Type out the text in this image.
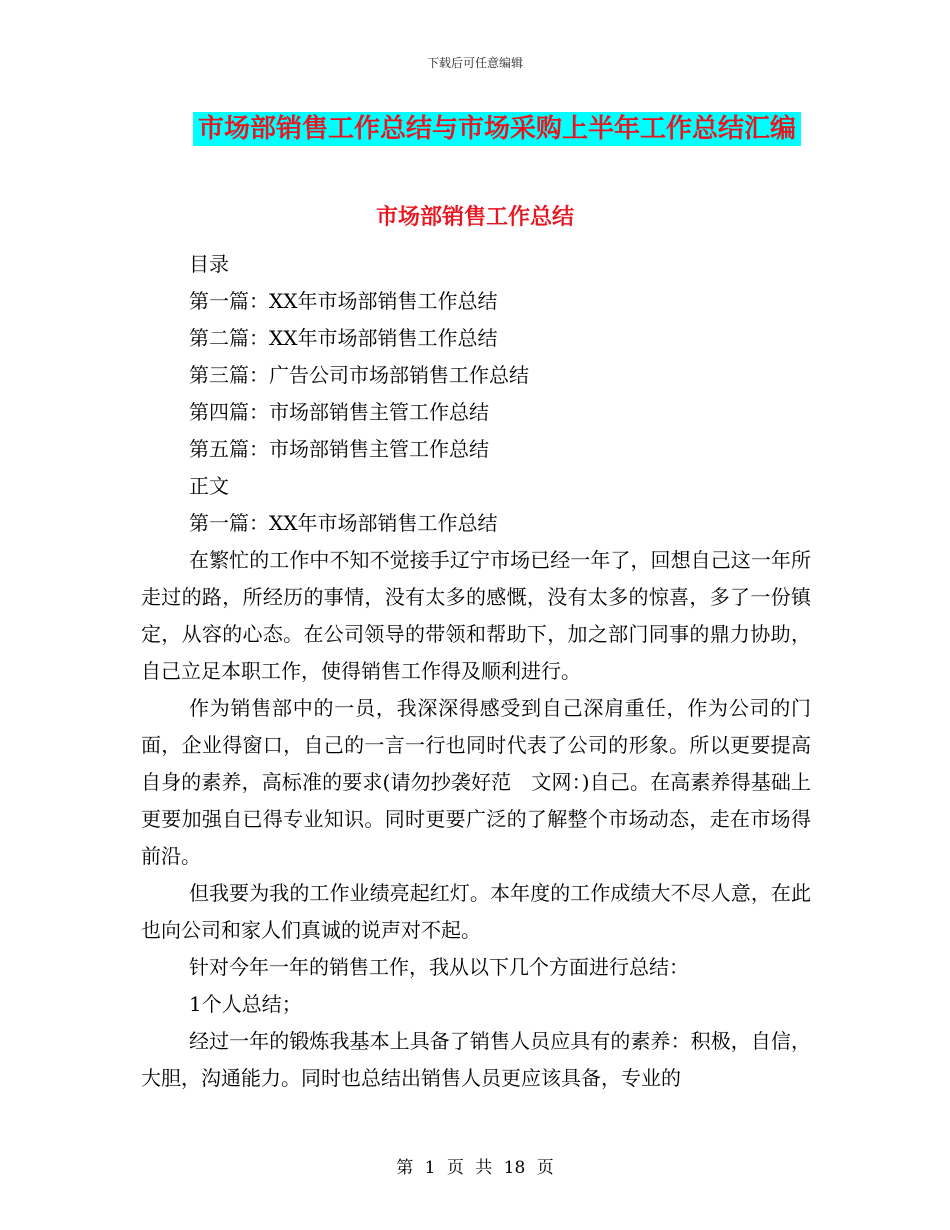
下载后可任意编辑
市场部销售工作总结与市场采购上半年工作总结汇编
市场部销售工作总结

目录

第一篇：XX年市场部销售工作总结

第二篇：XX年市场部销售工作总结

第三篇：广告公司市场部销售工作总结

第四篇：市场部销售主管工作总结

第五篇：市场部销售主管工作总结

正文

第一篇：XX年市场部销售工作总结

在繁忙的工作中不知不觉接手辽宁市场已经一年了，回想自己这一年所走过的路，所经历的事情，没有太多的感慨，没有太多的惊喜，多了一份镇定，从容的心态。在公司领导的带领和帮助下，加之部门同事的鼎力协助，自己立足本职工作，使得销售工作得及顺利进行。

作为销售部中的一员，我深深得感受到自己深肩重任，作为公司的门面，企业得窗口，自己的一言一行也同时代表了公司的形象。所以更要提高自身的素养，高标准的要求(请勿抄袭好范　文网：)自己。在高素养得基础上更要加强自已得专业知识。同时更要广泛的了解整个市场动态，走在市场得前沿。

但我要为我的工作业绩亮起红灯。本年度的工作成绩大不尽人意，在此也向公司和家人们真诚的说声对不起。

针对今年一年的销售工作，我从以下几个方面进行总结：

1个人总结；

经过一年的锻炼我基本上具备了销售人员应具有的素养：积极，自信，大胆，沟通能力。同时也总结出销售人员更应该具备，专业的

第 1 页 共 18 页
